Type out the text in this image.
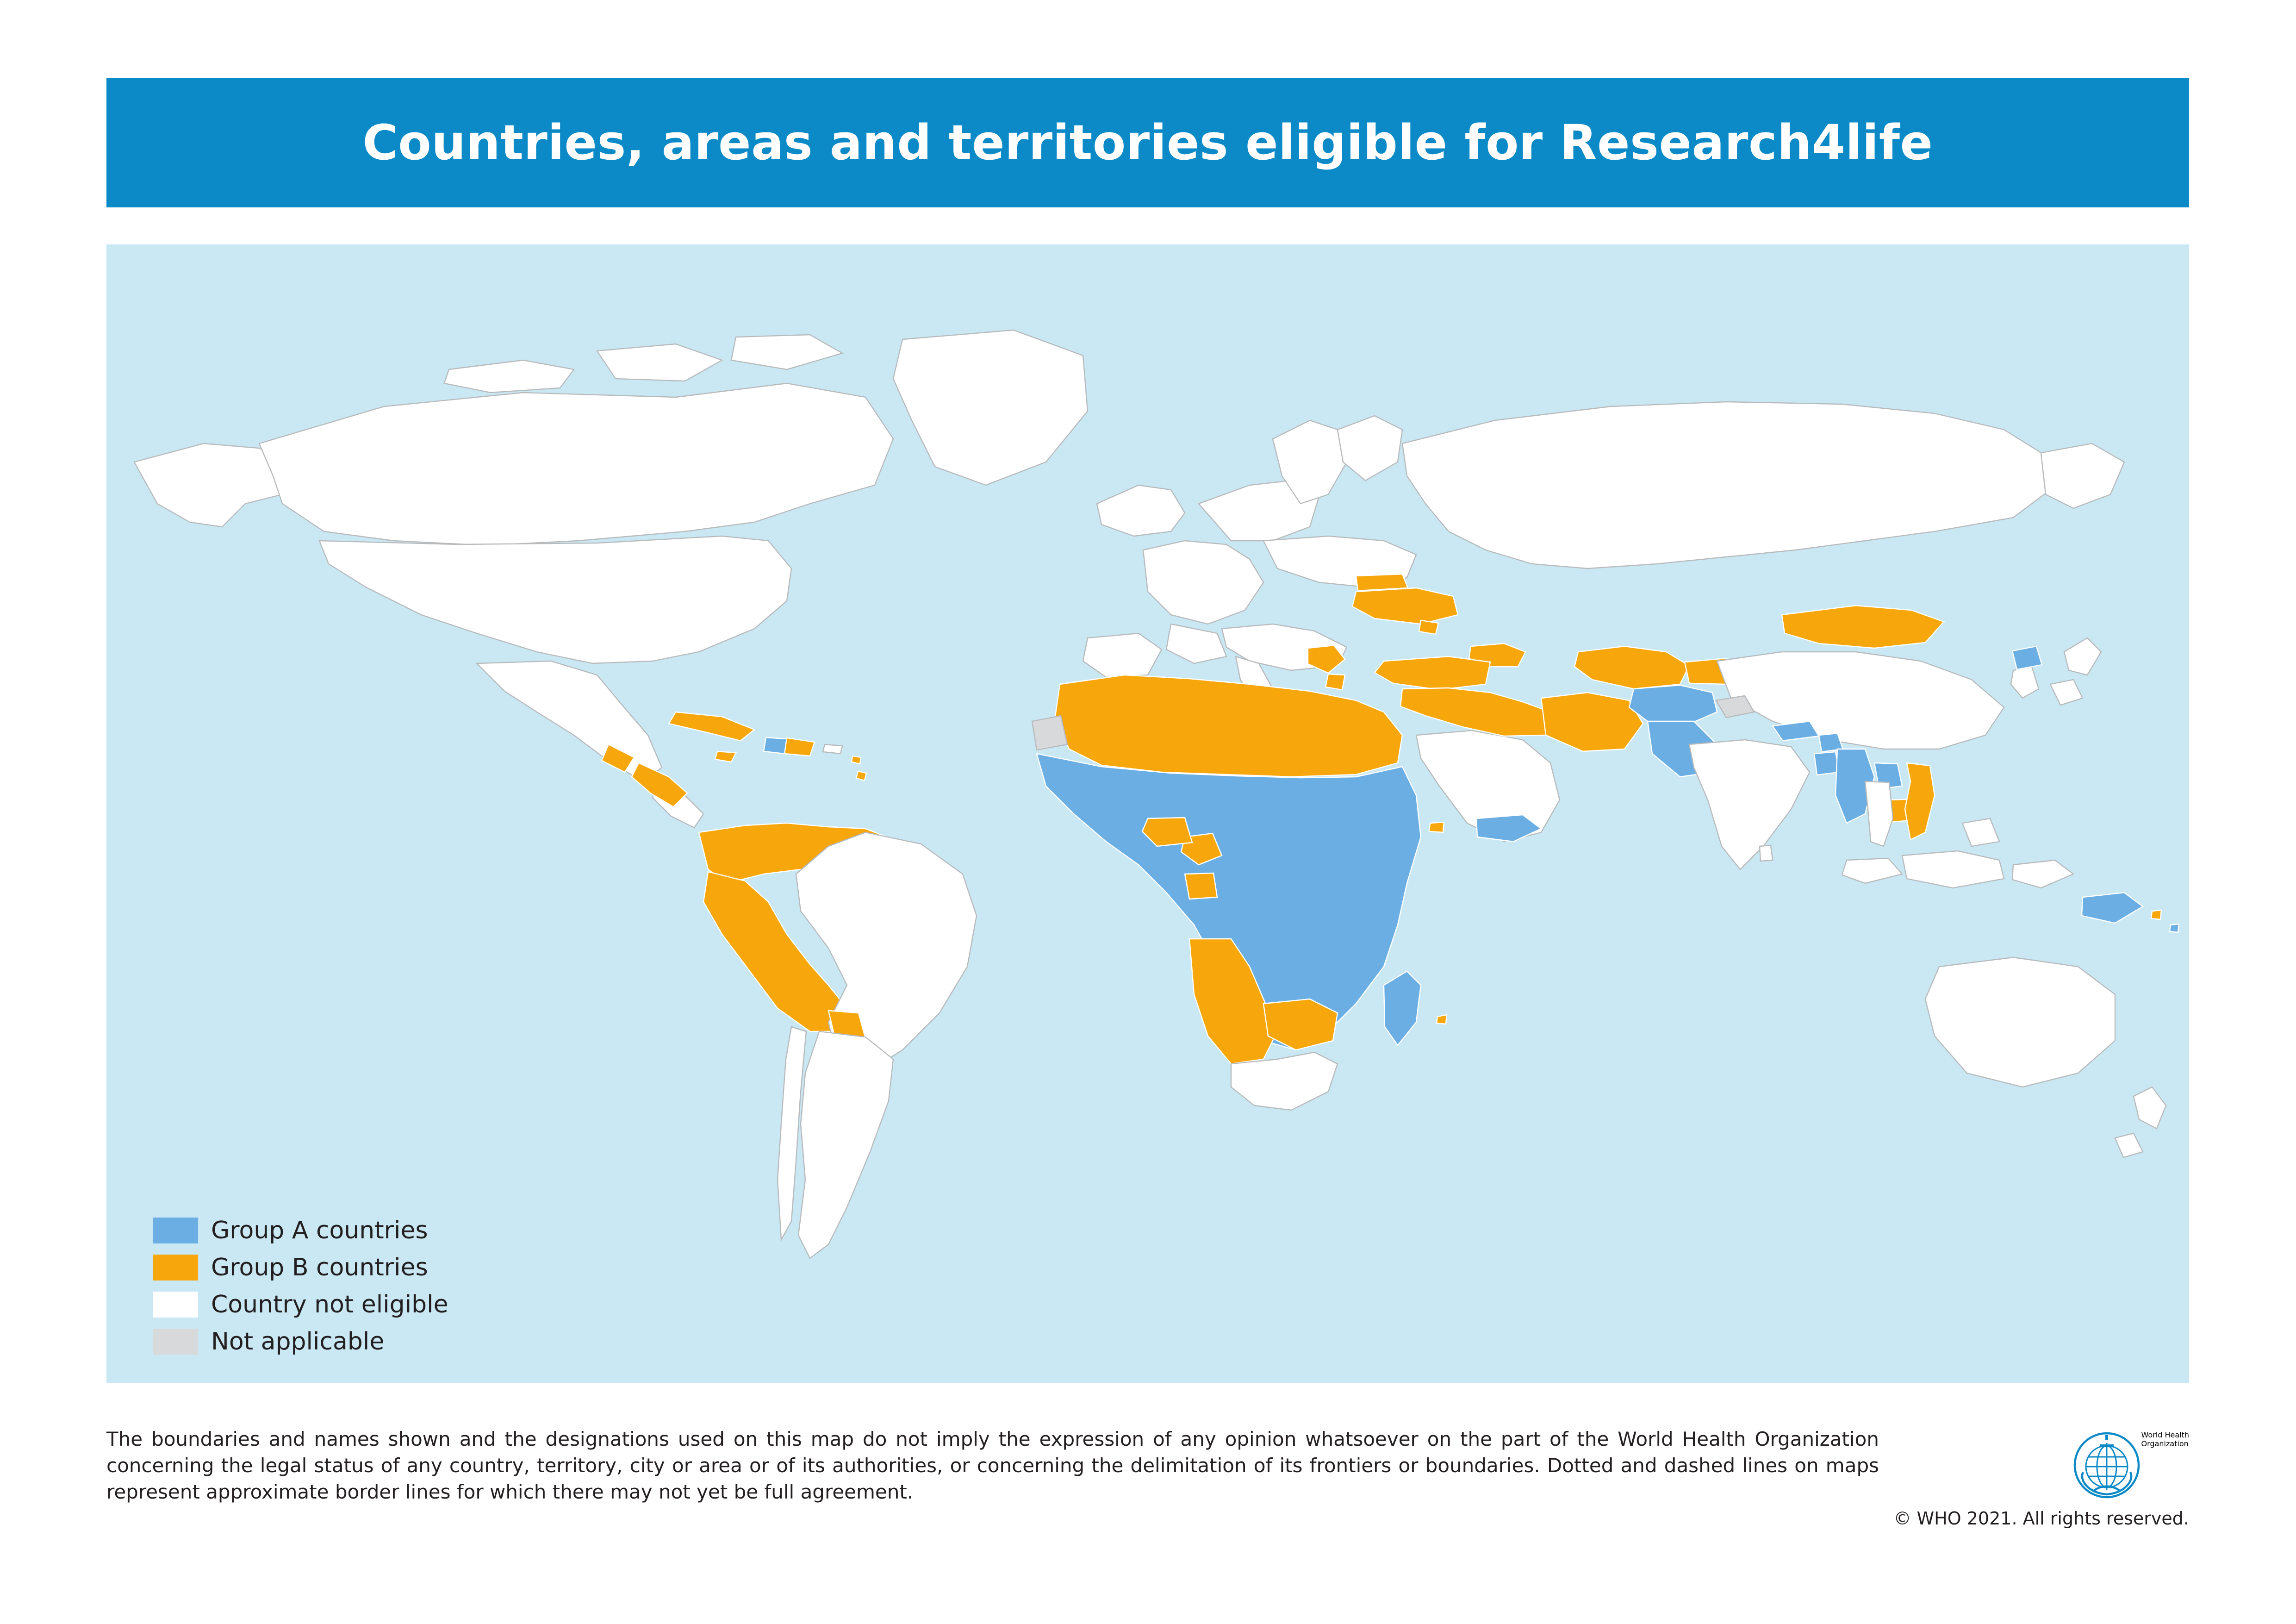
Countries, areas and territories eligible for Research4life
Group A countries
Group B countries
Country not eligible
Not applicable
The boundaries and names shown and the designations used on this map do not imply the expression of any opinion whatsoever on the part of the World Health Organization concerning the legal status of any country, territory, city or area or of its authorities, or concerning the delimitation of its frontiers or boundaries. Dotted and dashed lines on maps represent approximate border lines for which there may not yet be full agreement.
World Health
Organization
© WHO 2021. All rights reserved.
